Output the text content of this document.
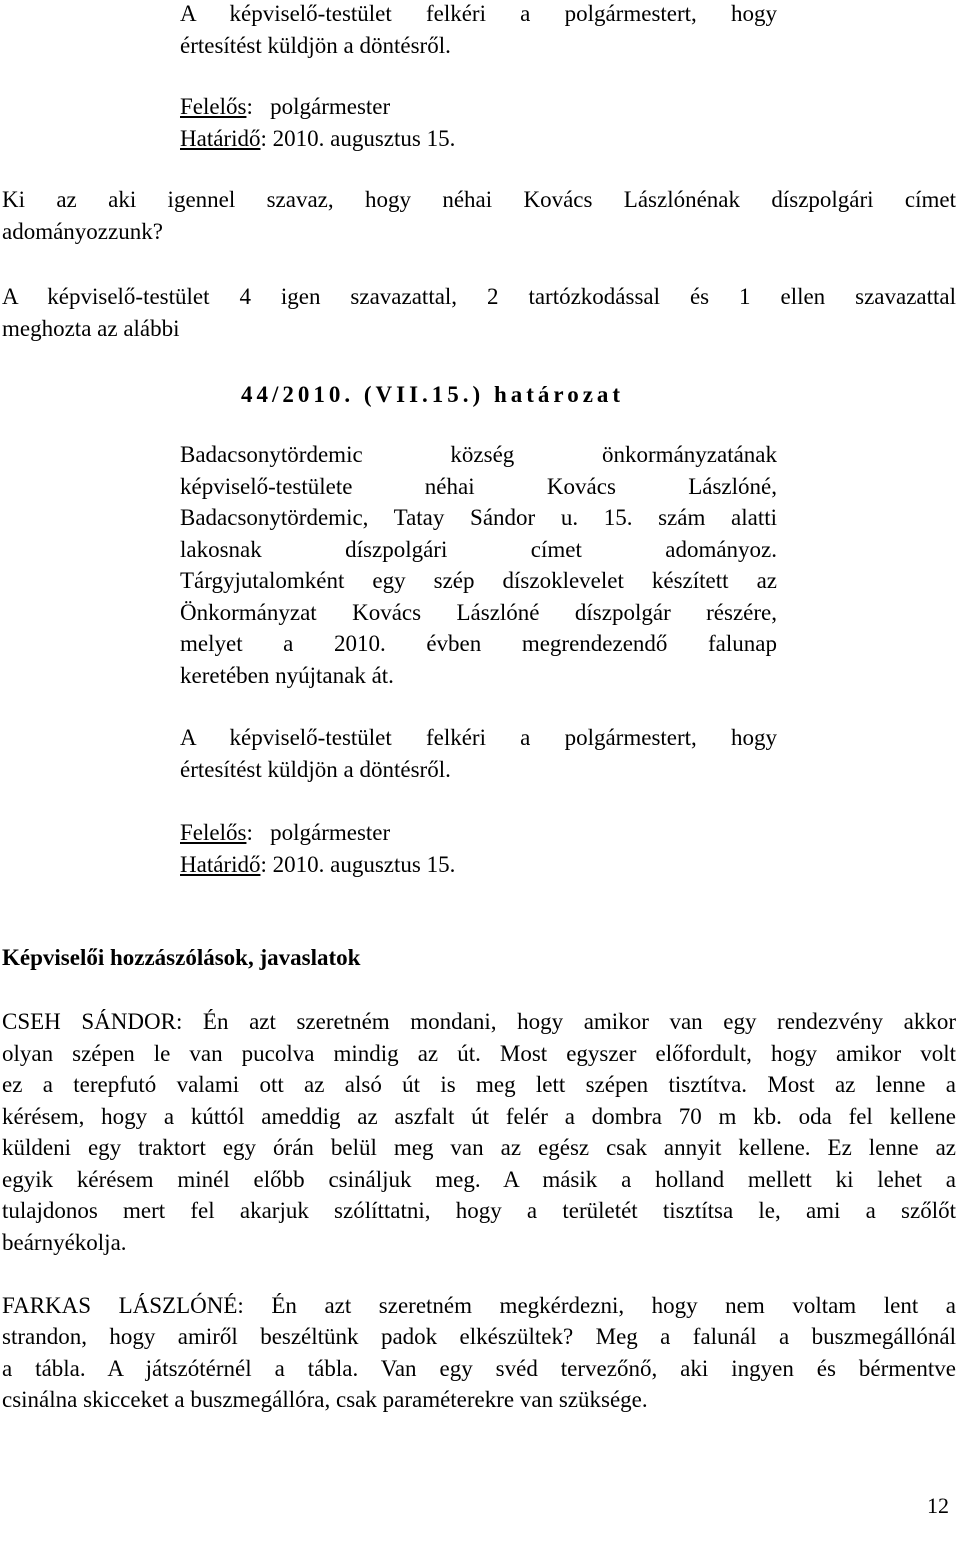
A képviselő-testület felkéri a polgármestert, hogy
értesítést küldjön a döntésről.
Felelős:   polgármester
Határidő: 2010. augusztus 15.
Ki az aki igennel szavaz, hogy néhai Kovács Lászlónénak díszpolgári címet
adományozzunk?
A képviselő-testület 4 igen szavazattal, 2 tartózkodással és 1 ellen szavazattal
meghozta az alábbi
44/2010. (VII.15.) határozat
Badacsonytördemic község önkormányzatának
képviselő-testülete néhai Kovács Lászlóné,
Badacsonytördemic, Tatay Sándor u. 15. szám alatti
lakosnak díszpolgári címet adományoz.
Tárgyjutalomként egy szép díszoklevelet készített az
Önkormányzat Kovács Lászlóné díszpolgár részére,
melyet a 2010. évben megrendezendő falunap
keretében nyújtanak át.
A képviselő-testület felkéri a polgármestert, hogy
értesítést küldjön a döntésről.
Felelős:   polgármester
Határidő: 2010. augusztus 15.
Képviselői hozzászólások, javaslatok
CSEH SÁNDOR: Én azt szeretném mondani, hogy amikor van egy rendezvény akkor
olyan szépen le van pucolva mindig az út. Most egyszer előfordult, hogy amikor volt
ez a terepfutó valami ott az alsó út is meg lett szépen tisztítva. Most az lenne a
kérésem, hogy a kúttól ameddig az aszfalt út felér a dombra 70 m kb. oda fel kellene
küldeni egy traktort egy órán belül meg van az egész csak annyit kellene. Ez lenne az
egyik kérésem minél előbb csináljuk meg. A másik a holland mellett ki lehet a
tulajdonos mert fel akarjuk szólíttatni, hogy a területét tisztítsa le, ami a szőlőt
beárnyékolja.
FARKAS LÁSZLÓNÉ: Én azt szeretném megkérdezni, hogy nem voltam lent a
strandon, hogy amiről beszéltünk padok elkészültek? Meg a falunál a buszmegállónál
a tábla. A játszótérnél a tábla. Van egy svéd tervezőnő, aki ingyen és bérmentve
csinálna skicceket a buszmegállóra, csak paraméterekre van szüksége.
12
